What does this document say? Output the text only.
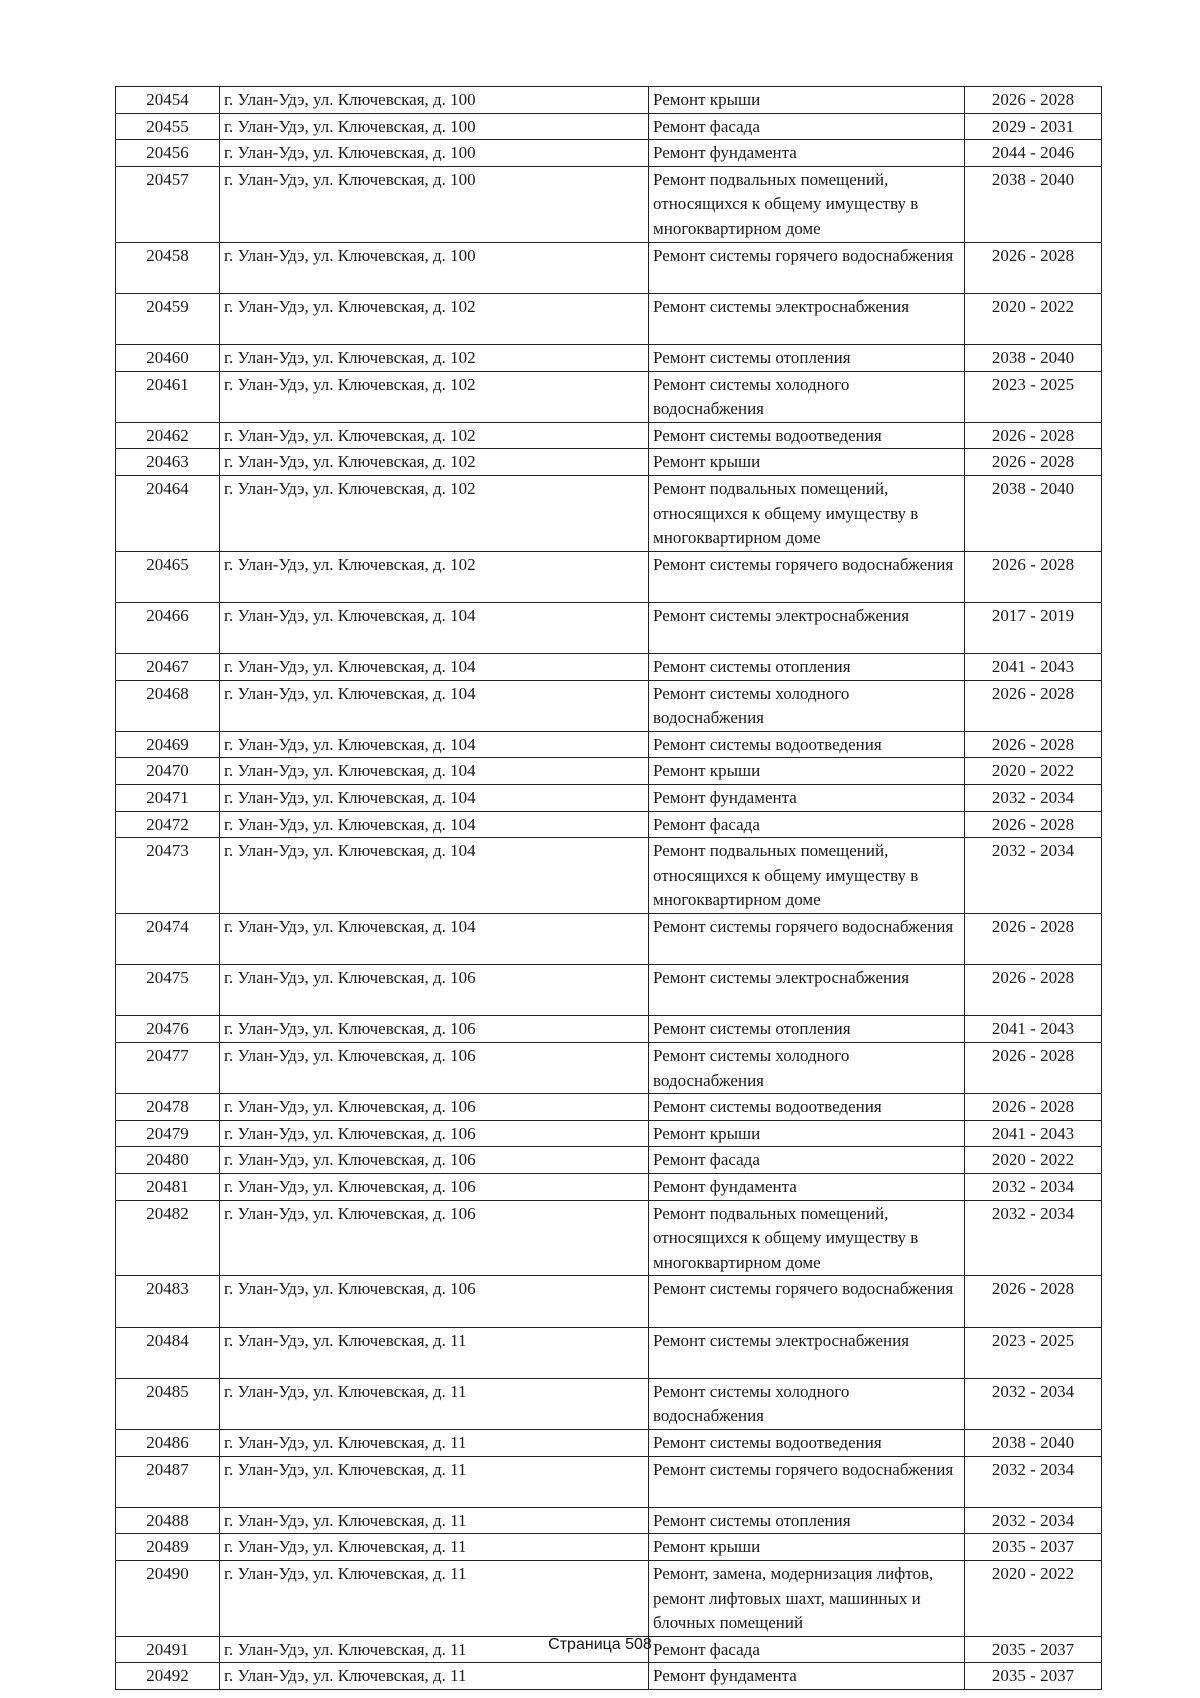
20454	г. Улан-Удэ, ул. Ключевская, д. 100	Ремонт крыши	2026 - 2028
20455	г. Улан-Удэ, ул. Ключевская, д. 100	Ремонт фасада	2029 - 2031
20456	г. Улан-Удэ, ул. Ключевская, д. 100	Ремонт фундамента	2044 - 2046
20457	г. Улан-Удэ, ул. Ключевская, д. 100	Ремонт подвальных помещений, относящихся к общему имуществу в многоквартирном доме	2038 - 2040
20458	г. Улан-Удэ, ул. Ключевская, д. 100	Ремонт системы горячего водоснабжения	2026 - 2028
20459	г. Улан-Удэ, ул. Ключевская, д. 102	Ремонт системы электроснабжения	2020 - 2022
20460	г. Улан-Удэ, ул. Ключевская, д. 102	Ремонт системы отопления	2038 - 2040
20461	г. Улан-Удэ, ул. Ключевская, д. 102	Ремонт системы холодного водоснабжения	2023 - 2025
20462	г. Улан-Удэ, ул. Ключевская, д. 102	Ремонт системы водоотведения	2026 - 2028
20463	г. Улан-Удэ, ул. Ключевская, д. 102	Ремонт крыши	2026 - 2028
20464	г. Улан-Удэ, ул. Ключевская, д. 102	Ремонт подвальных помещений, относящихся к общему имуществу в многоквартирном доме	2038 - 2040
20465	г. Улан-Удэ, ул. Ключевская, д. 102	Ремонт системы горячего водоснабжения	2026 - 2028
20466	г. Улан-Удэ, ул. Ключевская, д. 104	Ремонт системы электроснабжения	2017 - 2019
20467	г. Улан-Удэ, ул. Ключевская, д. 104	Ремонт системы отопления	2041 - 2043
20468	г. Улан-Удэ, ул. Ключевская, д. 104	Ремонт системы холодного водоснабжения	2026 - 2028
20469	г. Улан-Удэ, ул. Ключевская, д. 104	Ремонт системы водоотведения	2026 - 2028
20470	г. Улан-Удэ, ул. Ключевская, д. 104	Ремонт крыши	2020 - 2022
20471	г. Улан-Удэ, ул. Ключевская, д. 104	Ремонт фундамента	2032 - 2034
20472	г. Улан-Удэ, ул. Ключевская, д. 104	Ремонт фасада	2026 - 2028
20473	г. Улан-Удэ, ул. Ключевская, д. 104	Ремонт подвальных помещений, относящихся к общему имуществу в многоквартирном доме	2032 - 2034
20474	г. Улан-Удэ, ул. Ключевская, д. 104	Ремонт системы горячего водоснабжения	2026 - 2028
20475	г. Улан-Удэ, ул. Ключевская, д. 106	Ремонт системы электроснабжения	2026 - 2028
20476	г. Улан-Удэ, ул. Ключевская, д. 106	Ремонт системы отопления	2041 - 2043
20477	г. Улан-Удэ, ул. Ключевская, д. 106	Ремонт системы холодного водоснабжения	2026 - 2028
20478	г. Улан-Удэ, ул. Ключевская, д. 106	Ремонт системы водоотведения	2026 - 2028
20479	г. Улан-Удэ, ул. Ключевская, д. 106	Ремонт крыши	2041 - 2043
20480	г. Улан-Удэ, ул. Ключевская, д. 106	Ремонт фасада	2020 - 2022
20481	г. Улан-Удэ, ул. Ключевская, д. 106	Ремонт фундамента	2032 - 2034
20482	г. Улан-Удэ, ул. Ключевская, д. 106	Ремонт подвальных помещений, относящихся к общему имуществу в многоквартирном доме	2032 - 2034
20483	г. Улан-Удэ, ул. Ключевская, д. 106	Ремонт системы горячего водоснабжения	2026 - 2028
20484	г. Улан-Удэ, ул. Ключевская, д. 11	Ремонт системы электроснабжения	2023 - 2025
20485	г. Улан-Удэ, ул. Ключевская, д. 11	Ремонт системы холодного водоснабжения	2032 - 2034
20486	г. Улан-Удэ, ул. Ключевская, д. 11	Ремонт системы водоотведения	2038 - 2040
20487	г. Улан-Удэ, ул. Ключевская, д. 11	Ремонт системы горячего водоснабжения	2032 - 2034
20488	г. Улан-Удэ, ул. Ключевская, д. 11	Ремонт системы отопления	2032 - 2034
20489	г. Улан-Удэ, ул. Ключевская, д. 11	Ремонт крыши	2035 - 2037
20490	г. Улан-Удэ, ул. Ключевская, д. 11	Ремонт, замена, модернизация лифтов, ремонт лифтовых шахт, машинных и блочных помещений	2020 - 2022
20491	г. Улан-Удэ, ул. Ключевская, д. 11	Ремонт фасада	2035 - 2037
20492	г. Улан-Удэ, ул. Ключевская, д. 11	Ремонт фундамента	2035 - 2037
Страница 508
